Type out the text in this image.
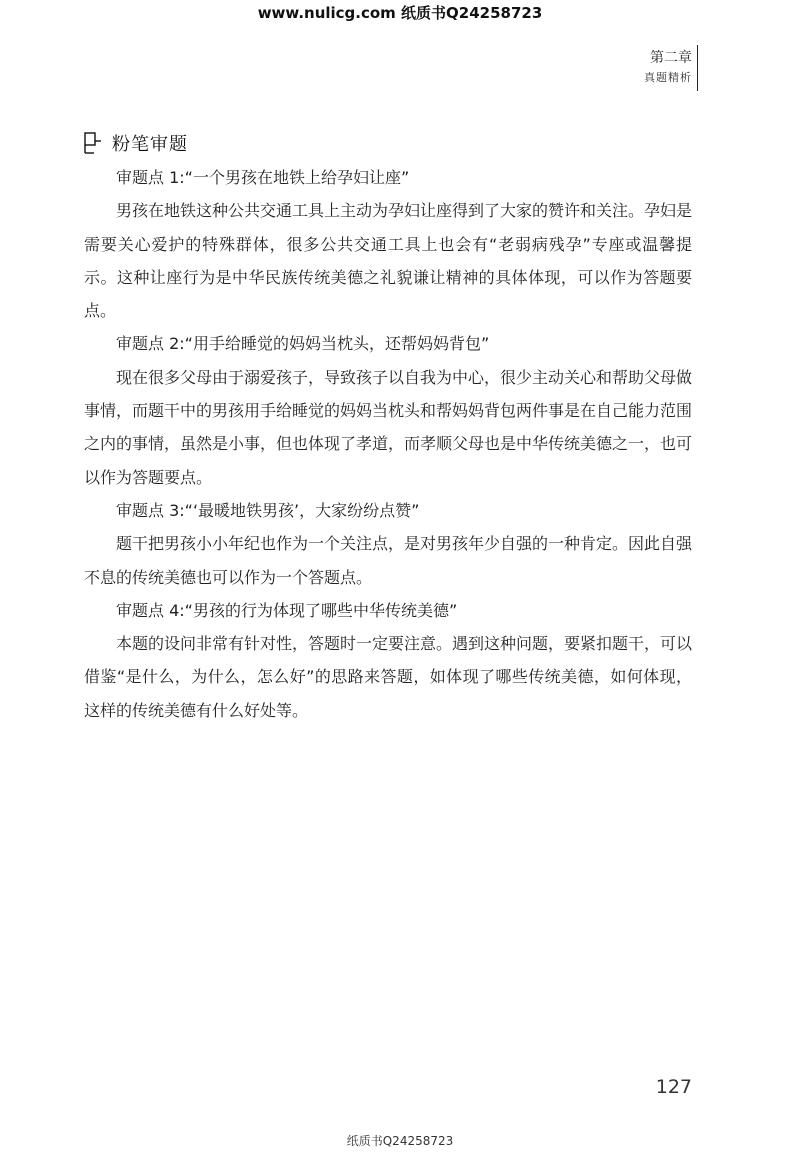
www.nulicg.com 纸质书Q24258723
第二章
真题精析
粉笔审题

审题点 1:“一个男孩在地铁上给孕妇让座”

男孩在地铁这种公共交通工具上主动为孕妇让座得到了大家的赞许和关注。孕妇是需要关心爱护的特殊群体，很多公共交通工具上也会有“老弱病残孕”专座或温馨提示。这种让座行为是中华民族传统美德之礼貌谦让精神的具体体现，可以作为答题要点。

审题点 2:“用手给睡觉的妈妈当枕头，还帮妈妈背包”

现在很多父母由于溺爱孩子，导致孩子以自我为中心，很少主动关心和帮助父母做事情，而题干中的男孩用手给睡觉的妈妈当枕头和帮妈妈背包两件事是在自己能力范围之内的事情，虽然是小事，但也体现了孝道，而孝顺父母也是中华传统美德之一，也可以作为答题要点。

审题点 3:“‘最暖地铁男孩’，大家纷纷点赞”

题干把男孩小小年纪也作为一个关注点，是对男孩年少自强的一种肯定。因此自强不息的传统美德也可以作为一个答题点。

审题点 4:“男孩的行为体现了哪些中华传统美德”

本题的设问非常有针对性，答题时一定要注意。遇到这种问题，要紧扣题干，可以借鉴“是什么，为什么，怎么好”的思路来答题，如体现了哪些传统美德，如何体现，这样的传统美德有什么好处等。

127
纸质书Q24258723
